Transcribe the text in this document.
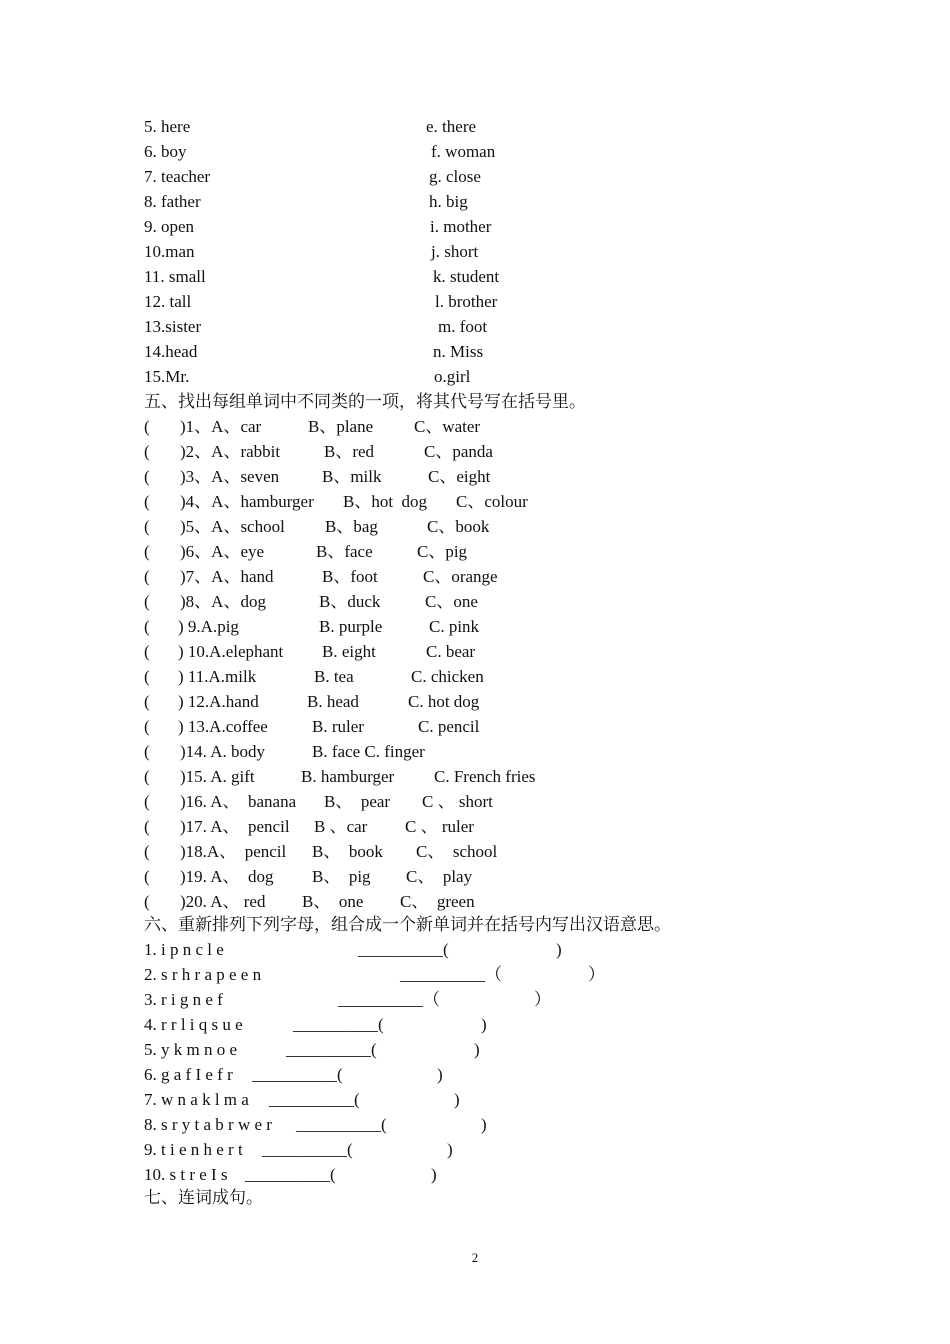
5. here	e. there
6. boy	f. woman
7. teacher	g. close
8. father	h. big
9. open	i. mother
10.man	j. short
11. small	k. student
12. tall	l. brother
13.sister	m. foot
14.head	n. Miss
15.Mr.	o.girl
五、找出每组单词中不同类的一项，将其代号写在括号里。
( )1、A、car	B、plane C、water
( )2、A、rabbit	B、red	C、panda
( )3、A、seven	B、milk	C、eight
( )4、A、hamburger B、hot  dog C、colour
( )5、A、school B、bag	C、book
( )6、A、eye	B、face	C、pig
( )7、A、hand	B、foot	C、orange
( )8、A、dog	B、duck	C、one
( ) 9.A.pig	B. purple	C. pink
( ) 10.A.elephant B. eight	C. bear
( ) 11.A.milk	B. tea	C. chicken
( ) 12.A.hand	B. head	C. hot dog
( ) 13.A.coffee	B. ruler	C. pencil
( )14. A. body	B. face C. finger
( )15. A. gift	B. hamburger C. French fries
( )16. A、  banana B、  pear C 、 short
( )17. A、  pencil B 、car C 、 ruler
( )18.A、  pencil B、  book C、  school
( )19. A、  dog B、  pig C、  play
( )20. A、 red B、  one C、  green
六、重新排列下列字母，组合成一个新单词并在括号内写出汉语意思。
1. i p n c l e	__________(	)
2. s r h r a p e e n	__________（	）
3. r i g n e f	__________（	）
4. r r l i q s u e	__________(	)
5. y k m n o e	__________(	)
6. g a f I e f r __________(	)
7. w n a k l m a __________(	)
8. s r y t a b r w e r __________(	)
9. t i e n h e r t __________(	)
10. s t r e I s __________(	)
七、连词成句。
2
